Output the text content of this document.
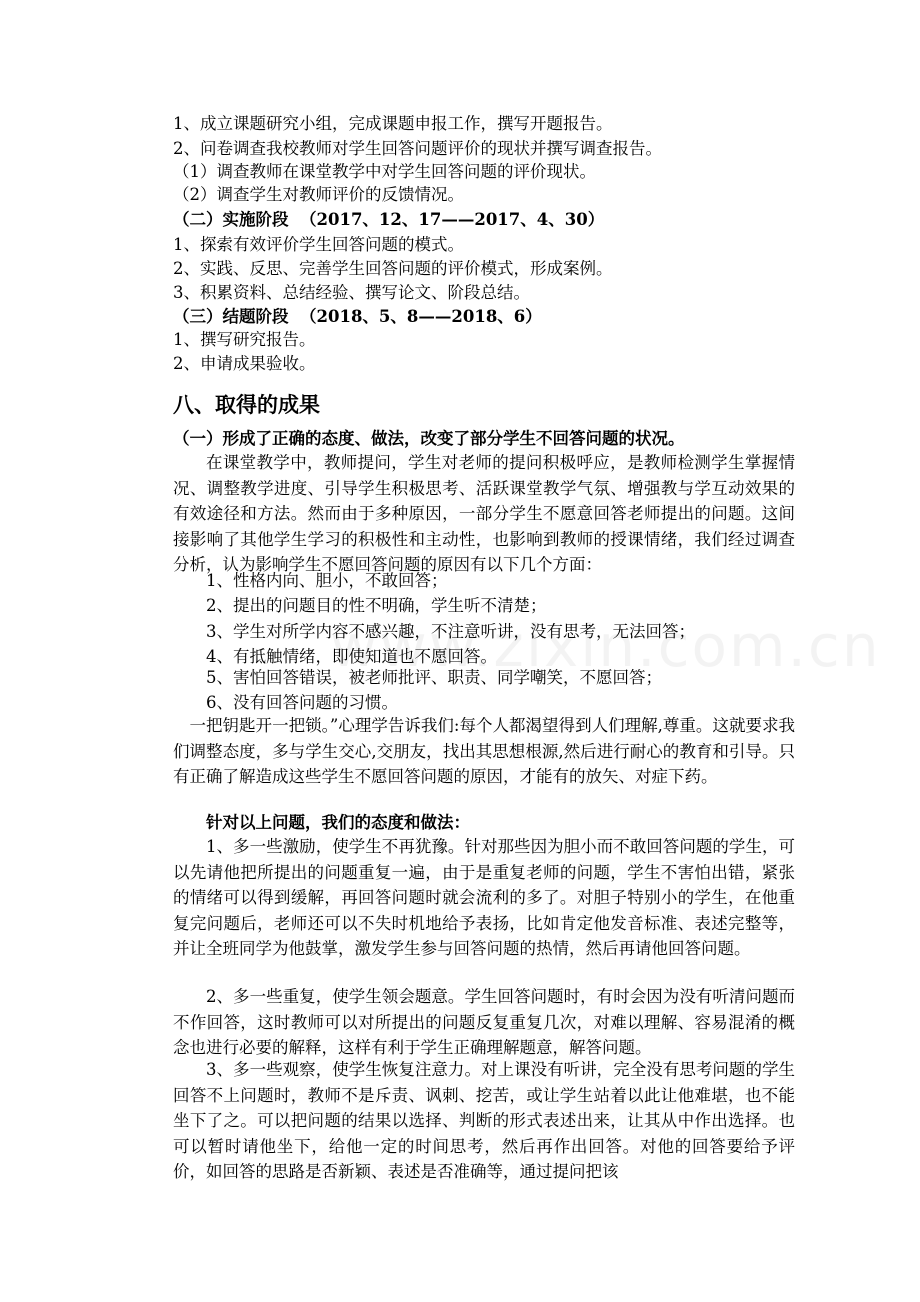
1、成立课题研究小组，完成课题申报工作，撰写开题报告。
2、问卷调查我校教师对学生回答问题评价的现状并撰写调查报告。
（1）调查教师在课堂教学中对学生回答问题的评价现状。
（2）调查学生对教师评价的反馈情况。
（二）实施阶段 （2017、12、17——2017、4、30）
1、探索有效评价学生回答问题的模式。
2、实践、反思、完善学生回答问题的评价模式，形成案例。
3、积累资料、总结经验、撰写论文、阶段总结。
（三）结题阶段 （2018、5、8——2018、6）
1、撰写研究报告。
2、申请成果验收。
八、取得的成果
（一）形成了正确的态度、做法，改变了部分学生不回答问题的状况。

在课堂教学中，教师提问，学生对老师的提问积极呼应，是教师检测学生掌握情况、调整教学进度、引导学生积极思考、活跃课堂教学气氛、增强教与学互动效果的有效途径和方法。然而由于多种原因，一部分学生不愿意回答老师提出的问题。这间接影响了其他学生学习的积极性和主动性，也影响到教师的授课情绪，我们经过调查分析，认为影响学生不愿回答问题的原因有以下几个方面：

1、性格内向、胆小，不敢回答；
2、提出的问题目的性不明确，学生听不清楚；
3、学生对所学内容不感兴趣，不注意听讲，没有思考，无法回答；
4、有抵触情绪，即使知道也不愿回答。
5、害怕回答错误，被老师批评、职责、同学嘲笑，不愿回答；
6、没有回答问题的习惯。

一把钥匙开一把锁。”心理学告诉我们:每个人都渴望得到人们理解,尊重。这就要求我们调整态度，多与学生交心,交朋友，找出其思想根源,然后进行耐心的教育和引导。只有正确了解造成这些学生不愿回答问题的原因，才能有的放矢、对症下药。

针对以上问题，我们的态度和做法：

1、多一些激励，使学生不再犹豫。针对那些因为胆小而不敢回答问题的学生，可以先请他把所提出的问题重复一遍，由于是重复老师的问题，学生不害怕出错，紧张的情绪可以得到缓解，再回答问题时就会流利的多了。对胆子特别小的学生，在他重复完问题后，老师还可以不失时机地给予表扬，比如肯定他发音标准、表述完整等，并让全班同学为他鼓掌，激发学生参与回答问题的热情，然后再请他回答问题。

2、多一些重复，使学生领会题意。学生回答问题时，有时会因为没有听清问题而不作回答，这时教师可以对所提出的问题反复重复几次，对难以理解、容易混淆的概念也进行必要的解释，这样有利于学生正确理解题意，解答问题。

3、多一些观察，使学生恢复注意力。对上课没有听讲，完全没有思考问题的学生回答不上问题时，教师不是斥责、讽刺、挖苦，或让学生站着以此让他难堪，也不能坐下了之。可以把问题的结果以选择、判断的形式表述出来，让其从中作出选择。也可以暂时请他坐下，给他一定的时间思考，然后再作出回答。对他的回答要给予评价，如回答的思路是否新颖、表述是否准确等，通过提问把该
